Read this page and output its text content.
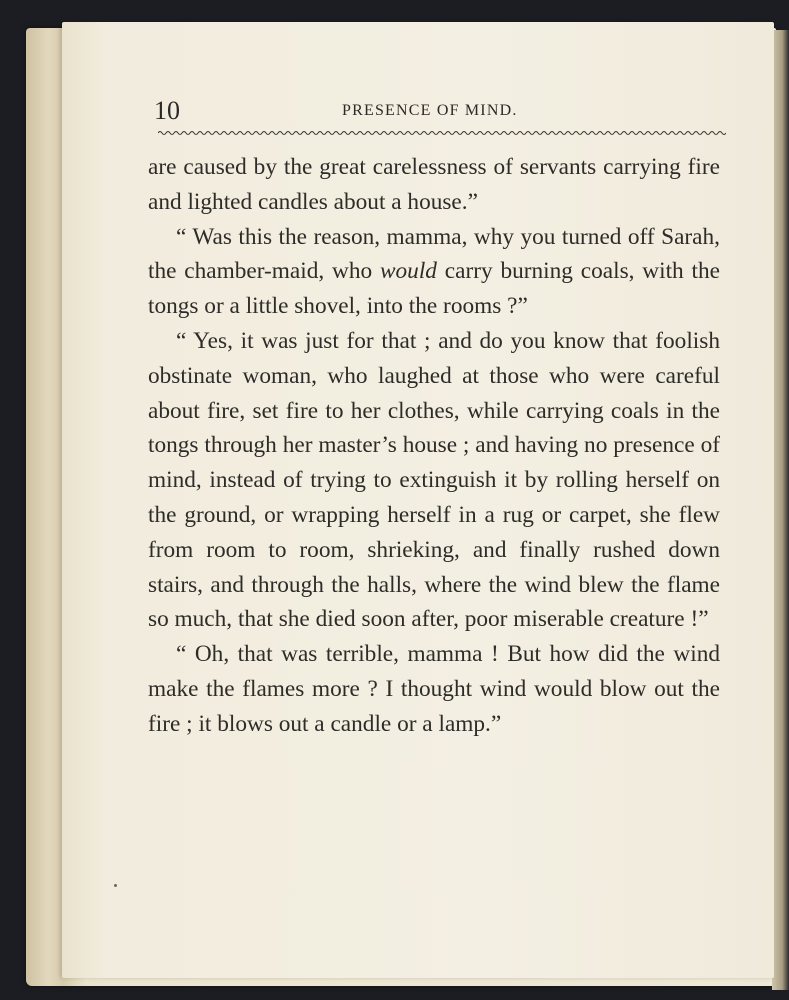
10	PRESENCE OF MIND.

are caused by the great carelessness of servants carrying fire and lighted candles about a house.”

“ Was this the reason, mamma, why you turned off Sarah, the chamber-maid, who would carry burning coals, with the tongs or a little shovel, into the rooms ?”

“ Yes, it was just for that ; and do you know that foolish obstinate woman, who laughed at those who were careful about fire, set fire to her clothes, while carrying coals in the tongs through her master’s house ; and having no presence of mind, instead of trying to extinguish it by rolling herself on the ground, or wrapping herself in a rug or carpet, she flew from room to room, shrieking, and finally rushed down stairs, and through the halls, where the wind blew the flame so much, that she died soon after, poor miserable creature !”

“ Oh, that was terrible, mamma ! But how did the wind make the flames more ? I thought wind would blow out the fire ; it blows out a candle or a lamp.”
